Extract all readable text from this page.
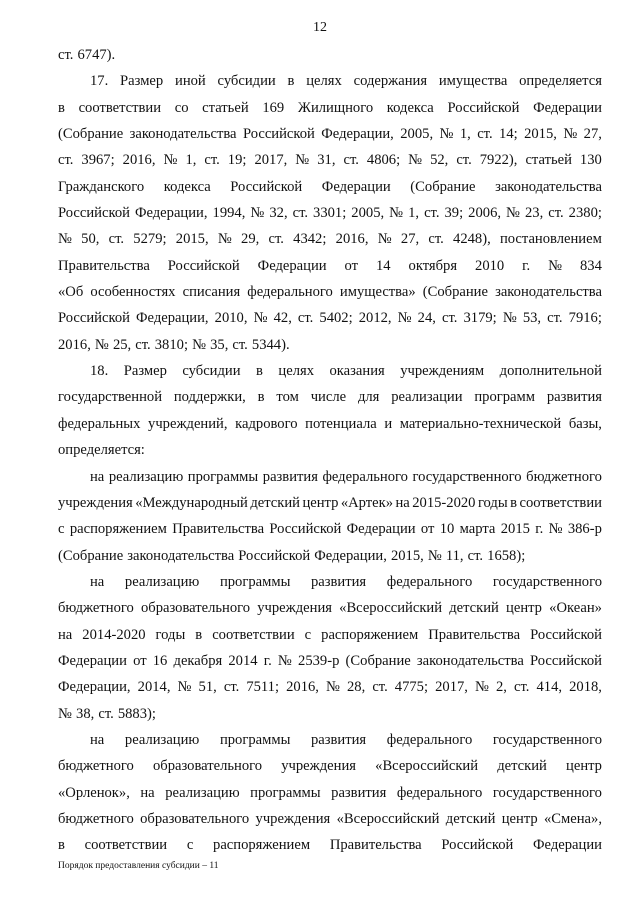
12
ст. 6747).
17. Размер иной субсидии в целях содержания имущества определяется
в соответствии со статьей 169 Жилищного кодекса Российской Федерации
(Собрание законодательства Российской Федерации, 2005, № 1, ст. 14; 2015, № 27,
ст. 3967; 2016, № 1, ст. 19; 2017, № 31, ст. 4806; № 52, ст. 7922), статьей 130
Гражданского кодекса Российской Федерации (Собрание законодательства
Российской Федерации, 1994, № 32, ст. 3301; 2005, № 1, ст. 39; 2006, № 23, ст. 2380;
№ 50, ст. 5279; 2015, № 29, ст. 4342; 2016, № 27, ст. 4248), постановлением
Правительства Российской Федерации от 14 октября 2010 г. № 834
«Об особенностях списания федерального имущества» (Собрание законодательства
Российской Федерации, 2010, № 42, ст. 5402; 2012, № 24, ст. 3179; № 53, ст. 7916;
2016, № 25, ст. 3810; № 35, ст. 5344).
18. Размер субсидии в целях оказания учреждениям дополнительной
государственной поддержки, в том числе для реализации программ развития
федеральных учреждений, кадрового потенциала и материально-технической базы,
определяется:
на реализацию программы развития федерального государственного бюджетного
учреждения «Международный детский центр «Артек» на 2015-2020 годы в соответствии
с распоряжением Правительства Российской Федерации от 10 марта 2015 г. № 386-р
(Собрание законодательства Российской Федерации, 2015, № 11, ст. 1658);
на реализацию программы развития федерального государственного
бюджетного образовательного учреждения «Всероссийский детский центр «Океан»
на 2014-2020 годы в соответствии с распоряжением Правительства Российской
Федерации от 16 декабря 2014 г. № 2539-р (Собрание законодательства Российской
Федерации, 2014, № 51, ст. 7511; 2016, № 28, ст. 4775; 2017, № 2, ст. 414, 2018,
№ 38, ст. 5883);
на реализацию программы развития федерального государственного
бюджетного образовательного учреждения «Всероссийский детский центр
«Орленок», на реализацию программы развития федерального государственного
бюджетного образовательного учреждения «Всероссийский детский центр «Смена»,
в соответствии с распоряжением Правительства Российской Федерации
Порядок предоставления субсидии – 11
